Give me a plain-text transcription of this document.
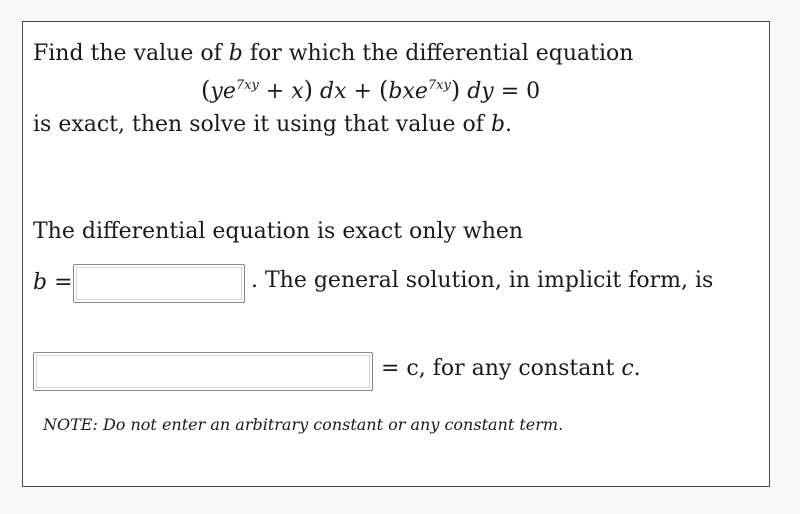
Find the value of b for which the differential equation
$(ye^{7xy} + x)$ dx + (bxe$^{7xy}$) dy = 0
is exact, then solve it using that value of b.
The differential equation is exact only when
b =	. The general solution, in implicit form, is
= c, for any constant c.
NOTE: Do not enter an arbitrary constant or any constant term.
